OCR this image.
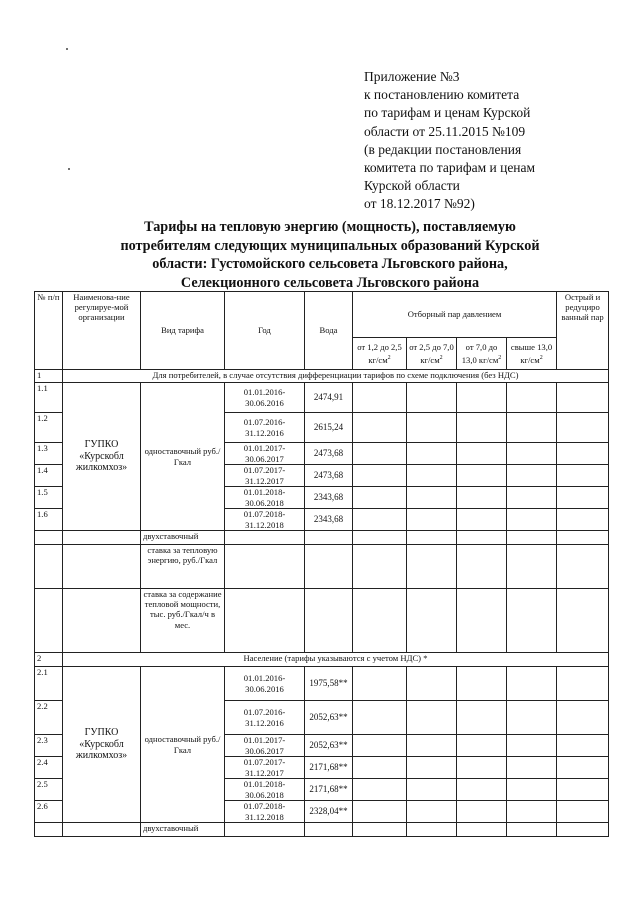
Приложение №3
к постановлению комитета
по тарифам и ценам Курской
области от 25.11.2015 №109
(в редакции постановления
комитета по тарифам и ценам
Курской области
от 18.12.2017 №92)
Тарифы на тепловую энергию (мощность), поставляемую
потребителям следующих муниципальных образований Курской
области: Густомойского сельсовета Льговского района,
Селекционного сельсовета Льговского района
№ п/п	Наименова-ние регулируе-мой организации	Вид тарифа	Год	Вода	Отборный пар давлением				Острый и редуциро ванный пар
					от 1,2 до 2,5 $кг/см^2$	от 2,5 до 7,0 $кг/см^2$	от 7,0 до 13,0 $кг/см^2$	свыше 13,0 $кг/см^2$
1	Для потребителей, в случае отсутствия дифференциации тарифов по схеме подключения (без НДС)								
1.1	ГУПКО «Курскобл жилкомхоз»	одноставочный руб./Гкал	01.01.2016-30.06.2016	2474,91					
1.2			01.07.2016-31.12.2016	2615,24					
1.3			01.01.2017-30.06.2017	2473,68					
1.4			01.07.2017-31.12.2017	2473,68					
1.5			01.01.2018-30.06.2018	2343,68					
1.6			01.07.2018-31.12.2018	2343,68					
		двухставочный							
		ставка за тепловую энергию, руб./Гкал							
		ставка за содержание тепловой мощности, тыс. руб./Гкал/ч в мес.							
2	Население (тарифы указываются с учетом НДС) *								
2.1	ГУПКО «Курскобл жилкомхоз»	одноставочный руб./Гкал	01.01.2016-30.06.2016	1975,58**					
2.2			01.07.2016-31.12.2016	2052,63**					
2.3			01.01.2017-30.06.2017	2052,63**					
2.4			01.07.2017-31.12.2017	2171,68**					
2.5			01.01.2018-30.06.2018	2171,68**					
2.6			01.07.2018-31.12.2018	2328,04**					
		двухставочный							
